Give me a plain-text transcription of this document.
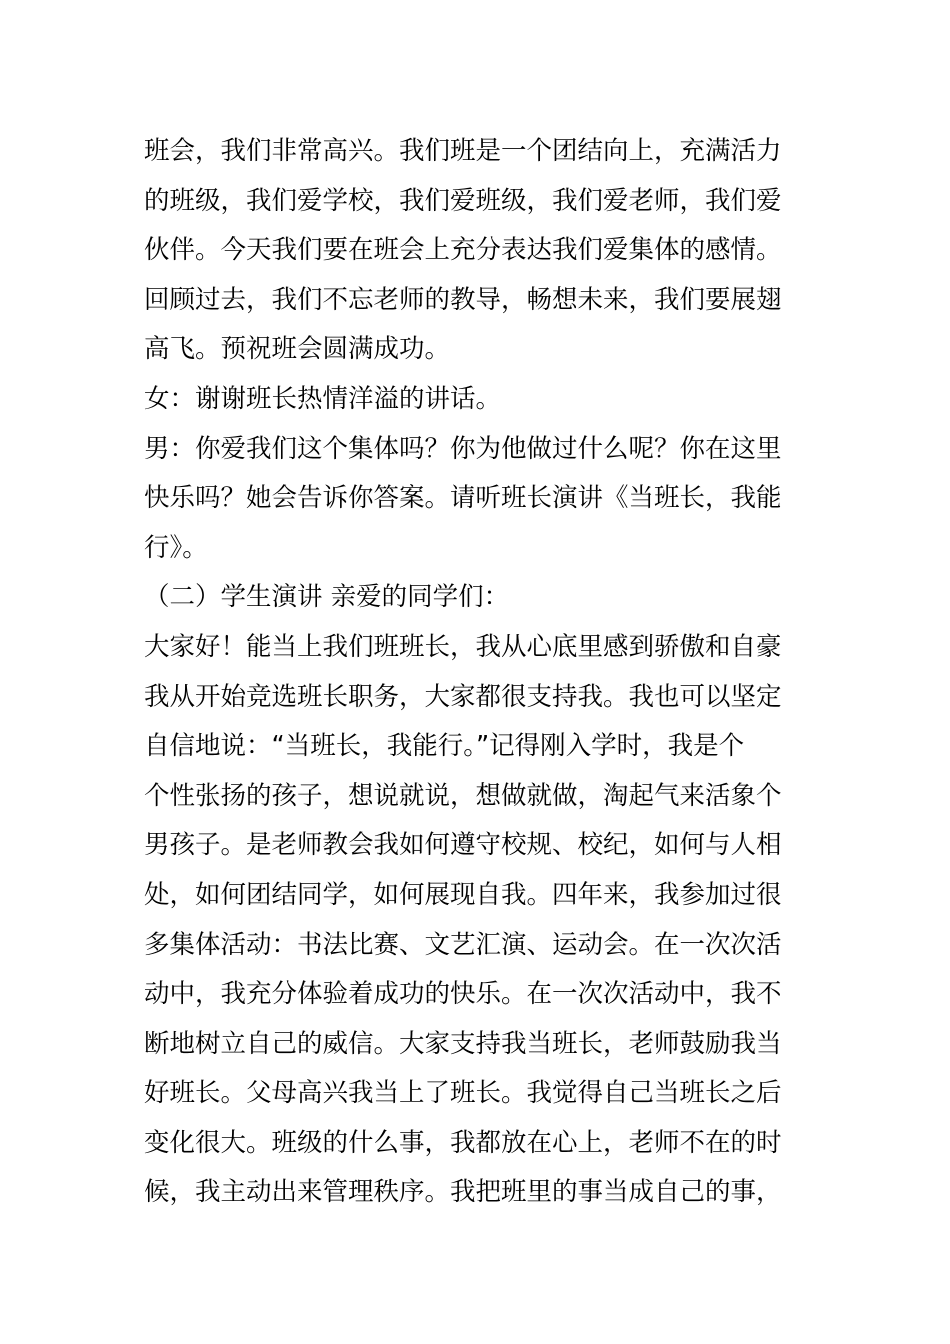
班会，我们非常高兴。我们班是一个团结向上，充满活力
的班级，我们爱学校，我们爱班级，我们爱老师，我们爱
伙伴。今天我们要在班会上充分表达我们爱集体的感情。
回顾过去，我们不忘老师的教导，畅想未来，我们要展翅
高飞。预祝班会圆满成功。
女：谢谢班长热情洋溢的讲话。
男：你爱我们这个集体吗？你为他做过什么呢？你在这里
快乐吗？她会告诉你答案。请听班长演讲《当班长，我能
行》。
（二）学生演讲 亲爱的同学们：
大家好！能当上我们班班长，我从心底里感到骄傲和自豪
我从开始竞选班长职务，大家都很支持我。我也可以坚定
自信地说：“当班长，我能行。”记得刚入学时，我是个
个性张扬的孩子，想说就说，想做就做，淘起气来活象个
男孩子。是老师教会我如何遵守校规、校纪，如何与人相
处，如何团结同学，如何展现自我。四年来，我参加过很
多集体活动：书法比赛、文艺汇演、运动会。在一次次活
动中，我充分体验着成功的快乐。在一次次活动中，我不
断地树立自己的威信。大家支持我当班长，老师鼓励我当
好班长。父母高兴我当上了班长。我觉得自己当班长之后
变化很大。班级的什么事，我都放在心上，老师不在的时
候，我主动出来管理秩序。我把班里的事当成自己的事，
